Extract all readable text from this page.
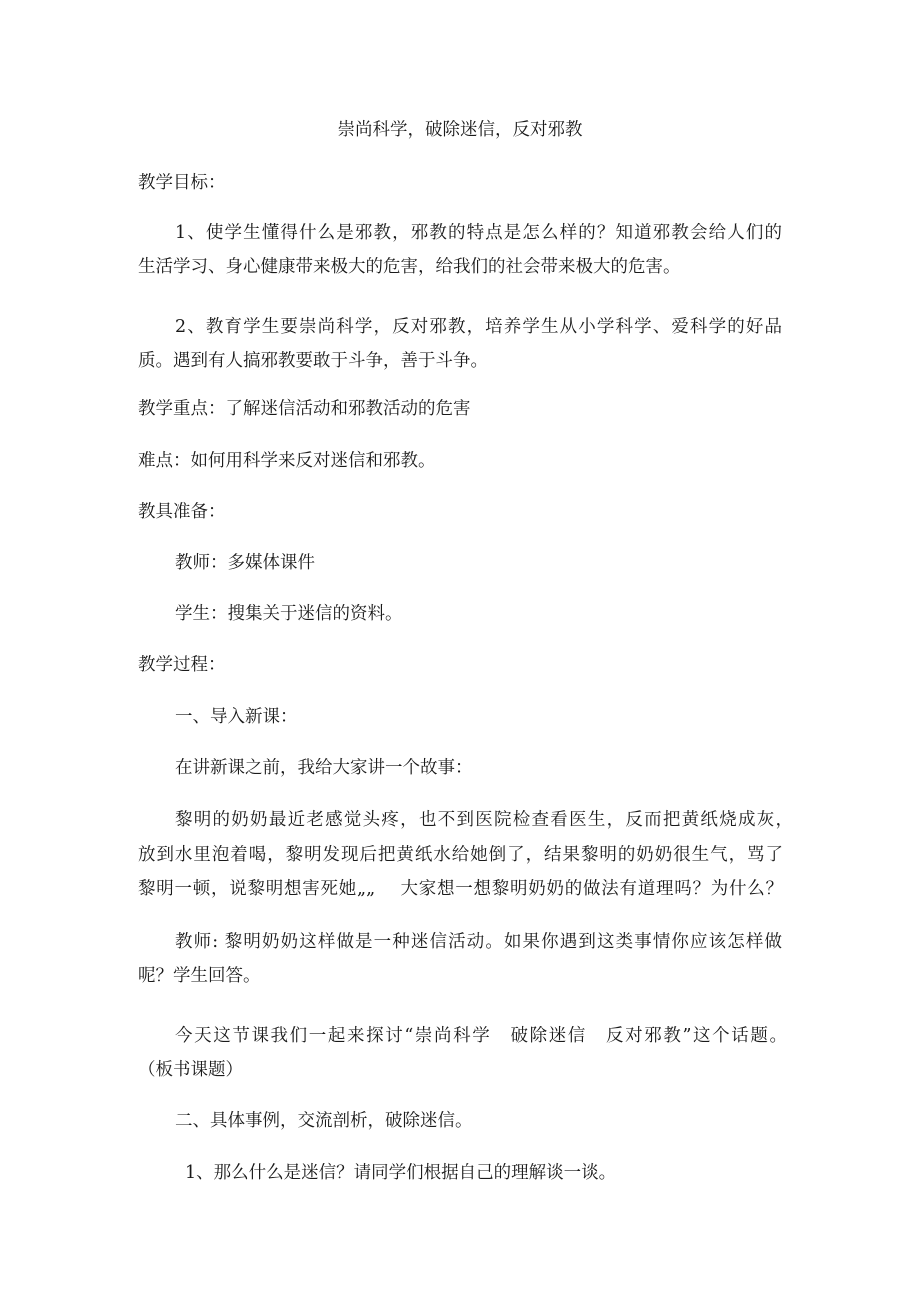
崇尚科学，破除迷信，反对邪教
教学目标：
1、使学生懂得什么是邪教，邪教的特点是怎么样的？知道邪教会给人们的
生活学习、身心健康带来极大的危害，给我们的社会带来极大的危害。
2、教育学生要崇尚科学，反对邪教，培养学生从小学科学、爱科学的好品
质。遇到有人搞邪教要敢于斗争，善于斗争。
教学重点：了解迷信活动和邪教活动的危害
难点：如何用科学来反对迷信和邪教。
教具准备：
教师：多媒体课件
学生：搜集关于迷信的资料。
教学过程：
一、导入新课：
在讲新课之前，我给大家讲一个故事：
黎明的奶奶最近老感觉头疼，也不到医院检查看医生，反而把黄纸烧成灰，
放到水里泡着喝，黎明发现后把黄纸水给她倒了，结果黎明的奶奶很生气，骂了
黎明一顿，说黎明想害死她„„　 大家想一想黎明奶奶的做法有道理吗？为什么？
教师: 黎明奶奶这样做是一种迷信活动。如果你遇到这类事情你应该怎样做
呢？学生回答。
今天这节课我们一起来探讨“崇尚科学　破除迷信　反对邪教”这个话题。
（板书课题）
二、具体事例，交流剖析，破除迷信。
1、那么什么是迷信？请同学们根据自己的理解谈一谈。
